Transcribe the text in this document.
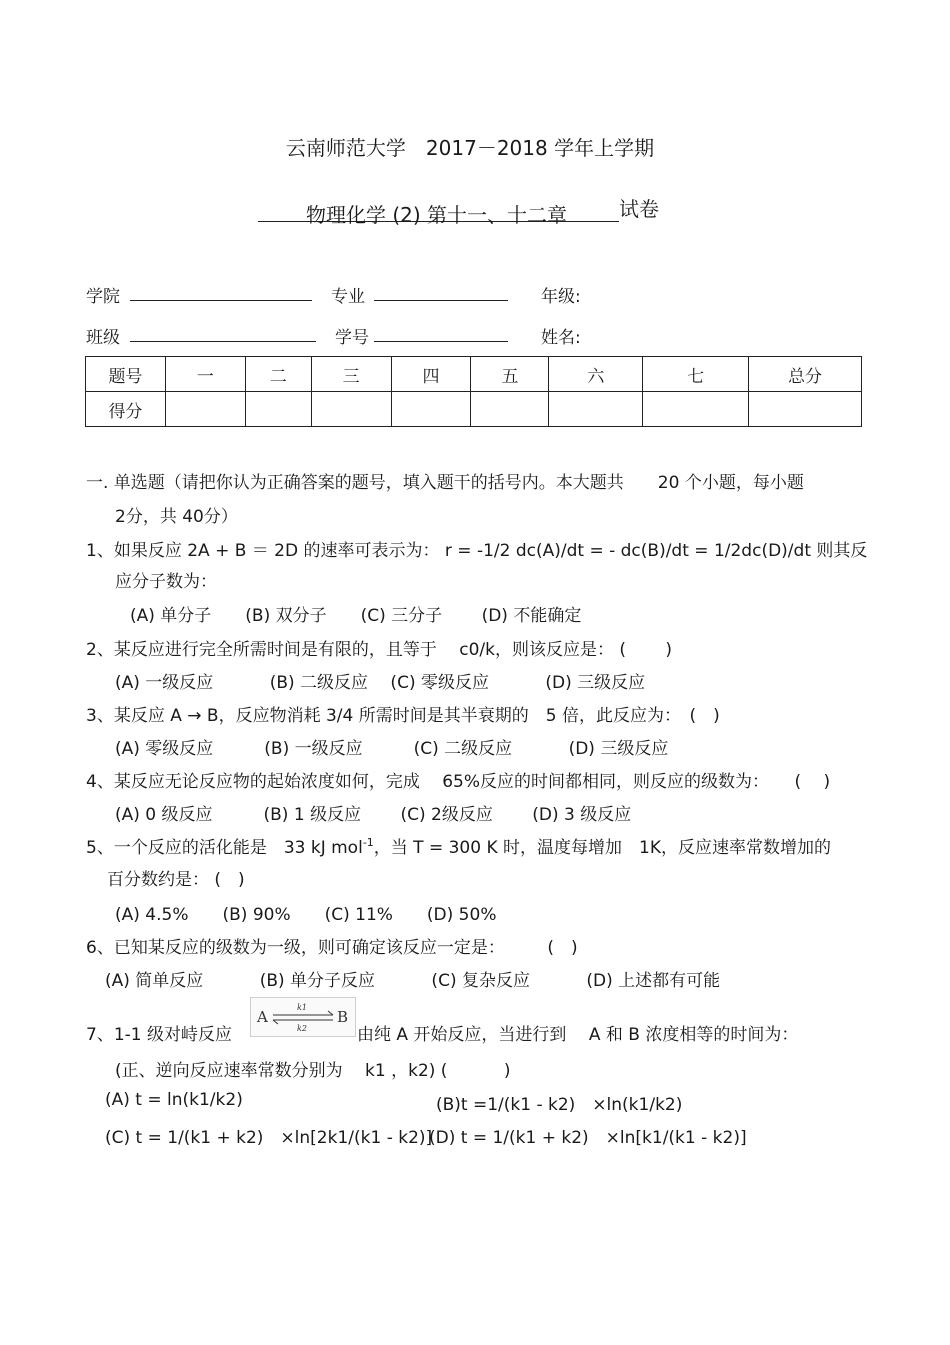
云南师范大学　2017－2018 学年上学期
物理化学 (2) 第十一、十二章	试卷
学院	专业	年级:
班级	学号	姓名:
题号	一	二	三	四	五	六	七	总分
得分								
一. 单选题（请把你认为正确答案的题号，填入题干的括号内。本大题共　　20 个小题，每小题
2分，共 40分）
1、如果反应 2A + B ＝ 2D 的速率可表示为： r = -1/2 dc(A)/dt = - dc(B)/dt = 1/2dc(D)/dt 则其反
应分子数为：
(A) 单分子　　(B) 双分子　　(C) 三分子　　 (D) 不能确定
2、某反应进行完全所需时间是有限的，且等于　 c0/k，则该反应是： (　　 )
(A) 一级反应　　　 (B) 二级反应　 (C) 零级反应　　　 (D) 三级反应
3、某反应 A → B，反应物消耗 3/4 所需时间是其半衰期的　5 倍，此反应为：　(　)
(A) 零级反应　　　(B) 一级反应　　　(C) 二级反应　　　 (D) 三级反应
4、某反应无论反应物的起始浓度如何，完成　 65%反应的时间都相同，则反应的级数为：　　(　 )
(A) 0 级反应　　　(B) 1 级反应　　 (C) 2级反应　　 (D) 3 级反应
5、一个反应的活化能是　33 kJ mol$^{-1}$，当 T = 300 K 时，温度每增加　1K，反应速率常数增加的
百分数约是： (　)
(A) 4.5%　　(B) 90%　　(C) 11%　　(D) 50%
6、已知某反应的级数为一级，则可确定该反应一定是：　　　(　)
(A) 简单反应　　　 (B) 单分子反应　　　 (C) 复杂反应　　　 (D) 上述都有可能
7、1-1 级对峙反应
A	B
k1
k2	由纯 A 开始反应，当进行到　 A 和 B 浓度相等的时间为：
(正、逆向反应速率常数分别为　 k1 ，k2) (　　　 )
(A) t = ln(k1/k2)	(B)t =1/(k1 - k2)　×ln(k1/k2)
(C) t = 1/(k1 + k2)　×ln[2k1/(k1 - k2)]
(D) t = 1/(k1 + k2)　×ln[k1/(k1 - k2)]
